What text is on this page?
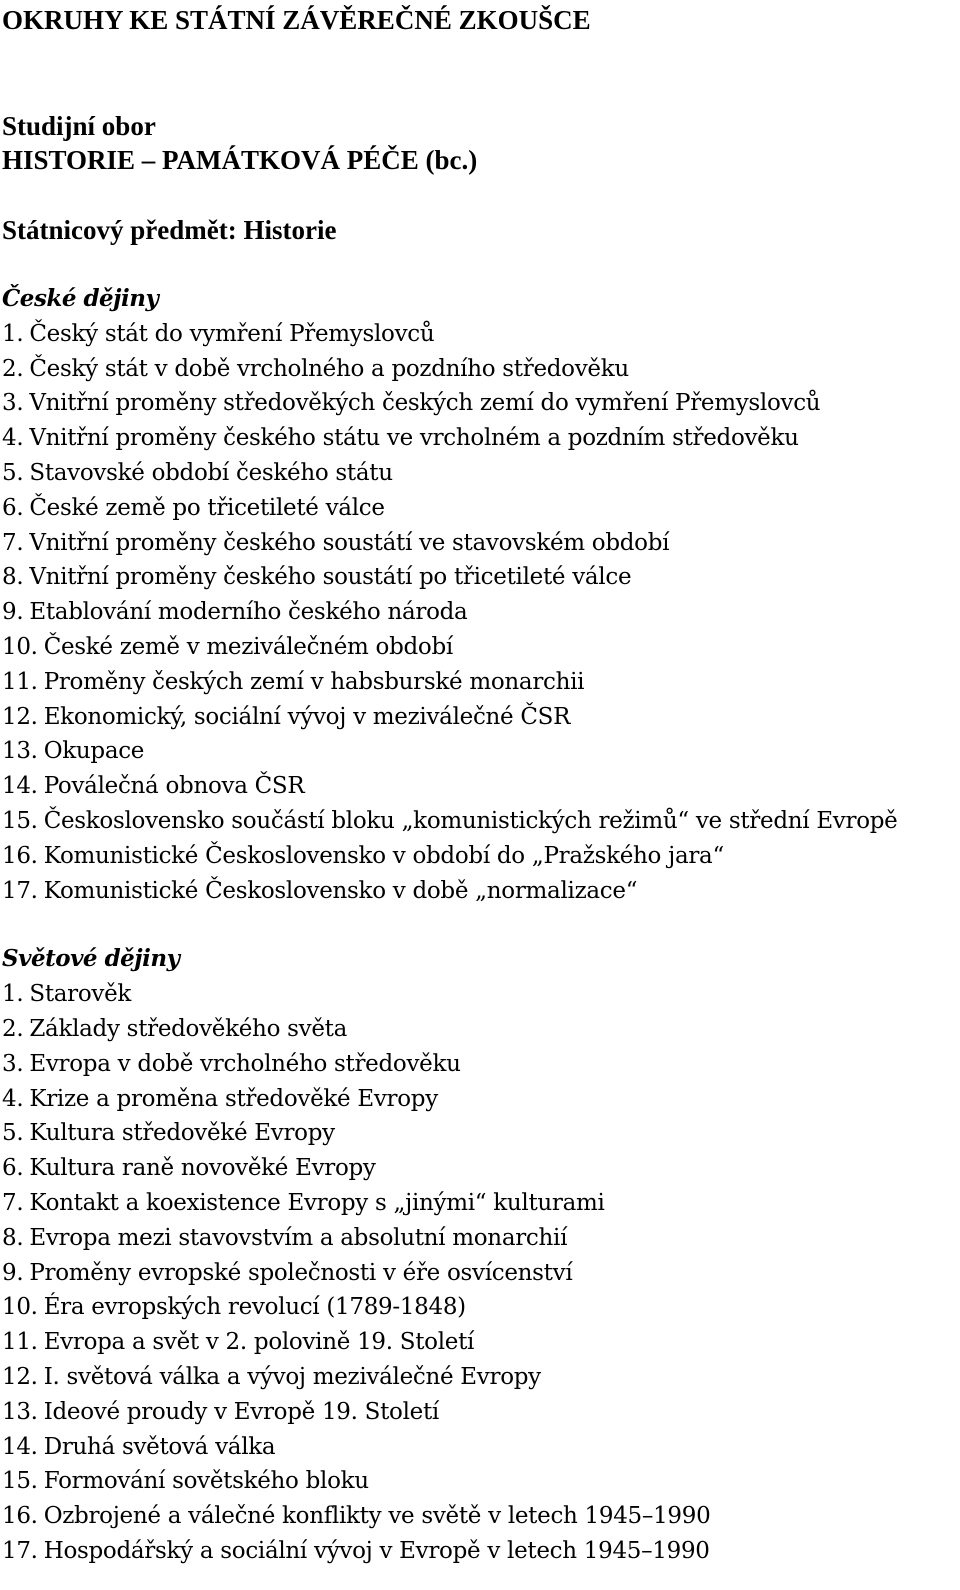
OKRUHY KE STÁTNÍ ZÁVĚREČNÉ ZKOUŠCE

Studijní obor

HISTORIE – PAMÁTKOVÁ PÉČE (bc.)

Státnicový předmět: Historie

České dějiny
1. Český stát do vymření Přemyslovců
2. Český stát v době vrcholného a pozdního středověku
3. Vnitřní proměny středověkých českých zemí do vymření Přemyslovců
4. Vnitřní proměny českého státu ve vrcholném a pozdním středověku
5. Stavovské období českého státu
6. České země po třicetileté válce
7. Vnitřní proměny českého soustátí ve stavovském období
8. Vnitřní proměny českého soustátí po třicetileté válce
9. Etablování moderního českého národa
10. České země v meziválečném období
11. Proměny českých zemí v habsburské monarchii
12. Ekonomický, sociální vývoj v meziválečné ČSR
13. Okupace
14. Poválečná obnova ČSR
15. Československo součástí bloku „komunistických režimů“ ve střední Evropě
16. Komunistické Československo v období do „Pražského jara“
17. Komunistické Československo v době „normalizace“
Světové dějiny
1. Starověk
2. Základy středověkého světa
3. Evropa v době vrcholného středověku
4. Krize a proměna středověké Evropy
5. Kultura středověké Evropy
6. Kultura raně novověké Evropy
7. Kontakt a koexistence Evropy s „jinými“ kulturami
8. Evropa mezi stavovstvím a absolutní monarchií
9. Proměny evropské společnosti v éře osvícenství
10. Éra evropských revolucí (1789-1848)
11. Evropa a svět v 2. polovině 19. Století
12. I. světová válka a vývoj meziválečné Evropy
13. Ideové proudy v Evropě 19. Století
14. Druhá světová válka
15. Formování sovětského bloku
16. Ozbrojené a válečné konflikty ve světě v letech 1945–1990
17. Hospodářský a sociální vývoj v Evropě v letech 1945–1990
